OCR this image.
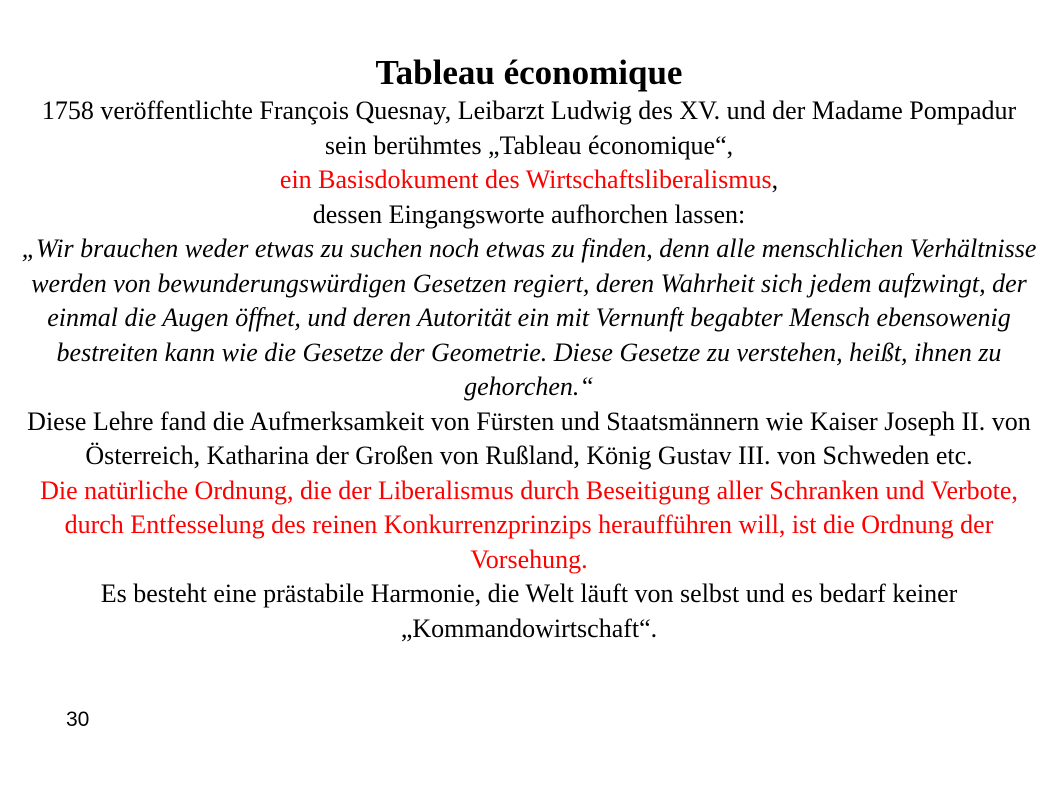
Tableau économique

1758 veröffentlichte François Quesnay, Leibarzt Ludwig des XV. und der Madame Pompadur sein berühmtes „Tableau économique“,
ein Basisdokument des Wirtschaftsliberalismus,
dessen Eingangsworte aufhorchen lassen:

„Wir brauchen weder etwas zu suchen noch etwas zu finden, denn alle menschlichen Verhältnisse werden von bewunderungswürdigen Gesetzen regiert, deren Wahrheit sich jedem aufzwingt, der einmal die Augen öffnet, und deren Autorität ein mit Vernunft begabter Mensch ebensowenig bestreiten kann wie die Gesetze der Geometrie. Diese Gesetze zu verstehen, heißt, ihnen zu gehorchen.“

Diese Lehre fand die Aufmerksamkeit von Fürsten und Staatsmännern wie Kaiser Joseph II. von Österreich, Katharina der Großen von Rußland, König Gustav III. von Schweden etc.

Die natürliche Ordnung, die der Liberalismus durch Beseitigung aller Schranken und Verbote, durch Entfesselung des reinen Konkurrenzprinzips heraufführen will, ist die Ordnung der Vorsehung.

Es besteht eine prästabile Harmonie, die Welt läuft von selbst und es bedarf keiner „Kommandowirtschaft“.

30
